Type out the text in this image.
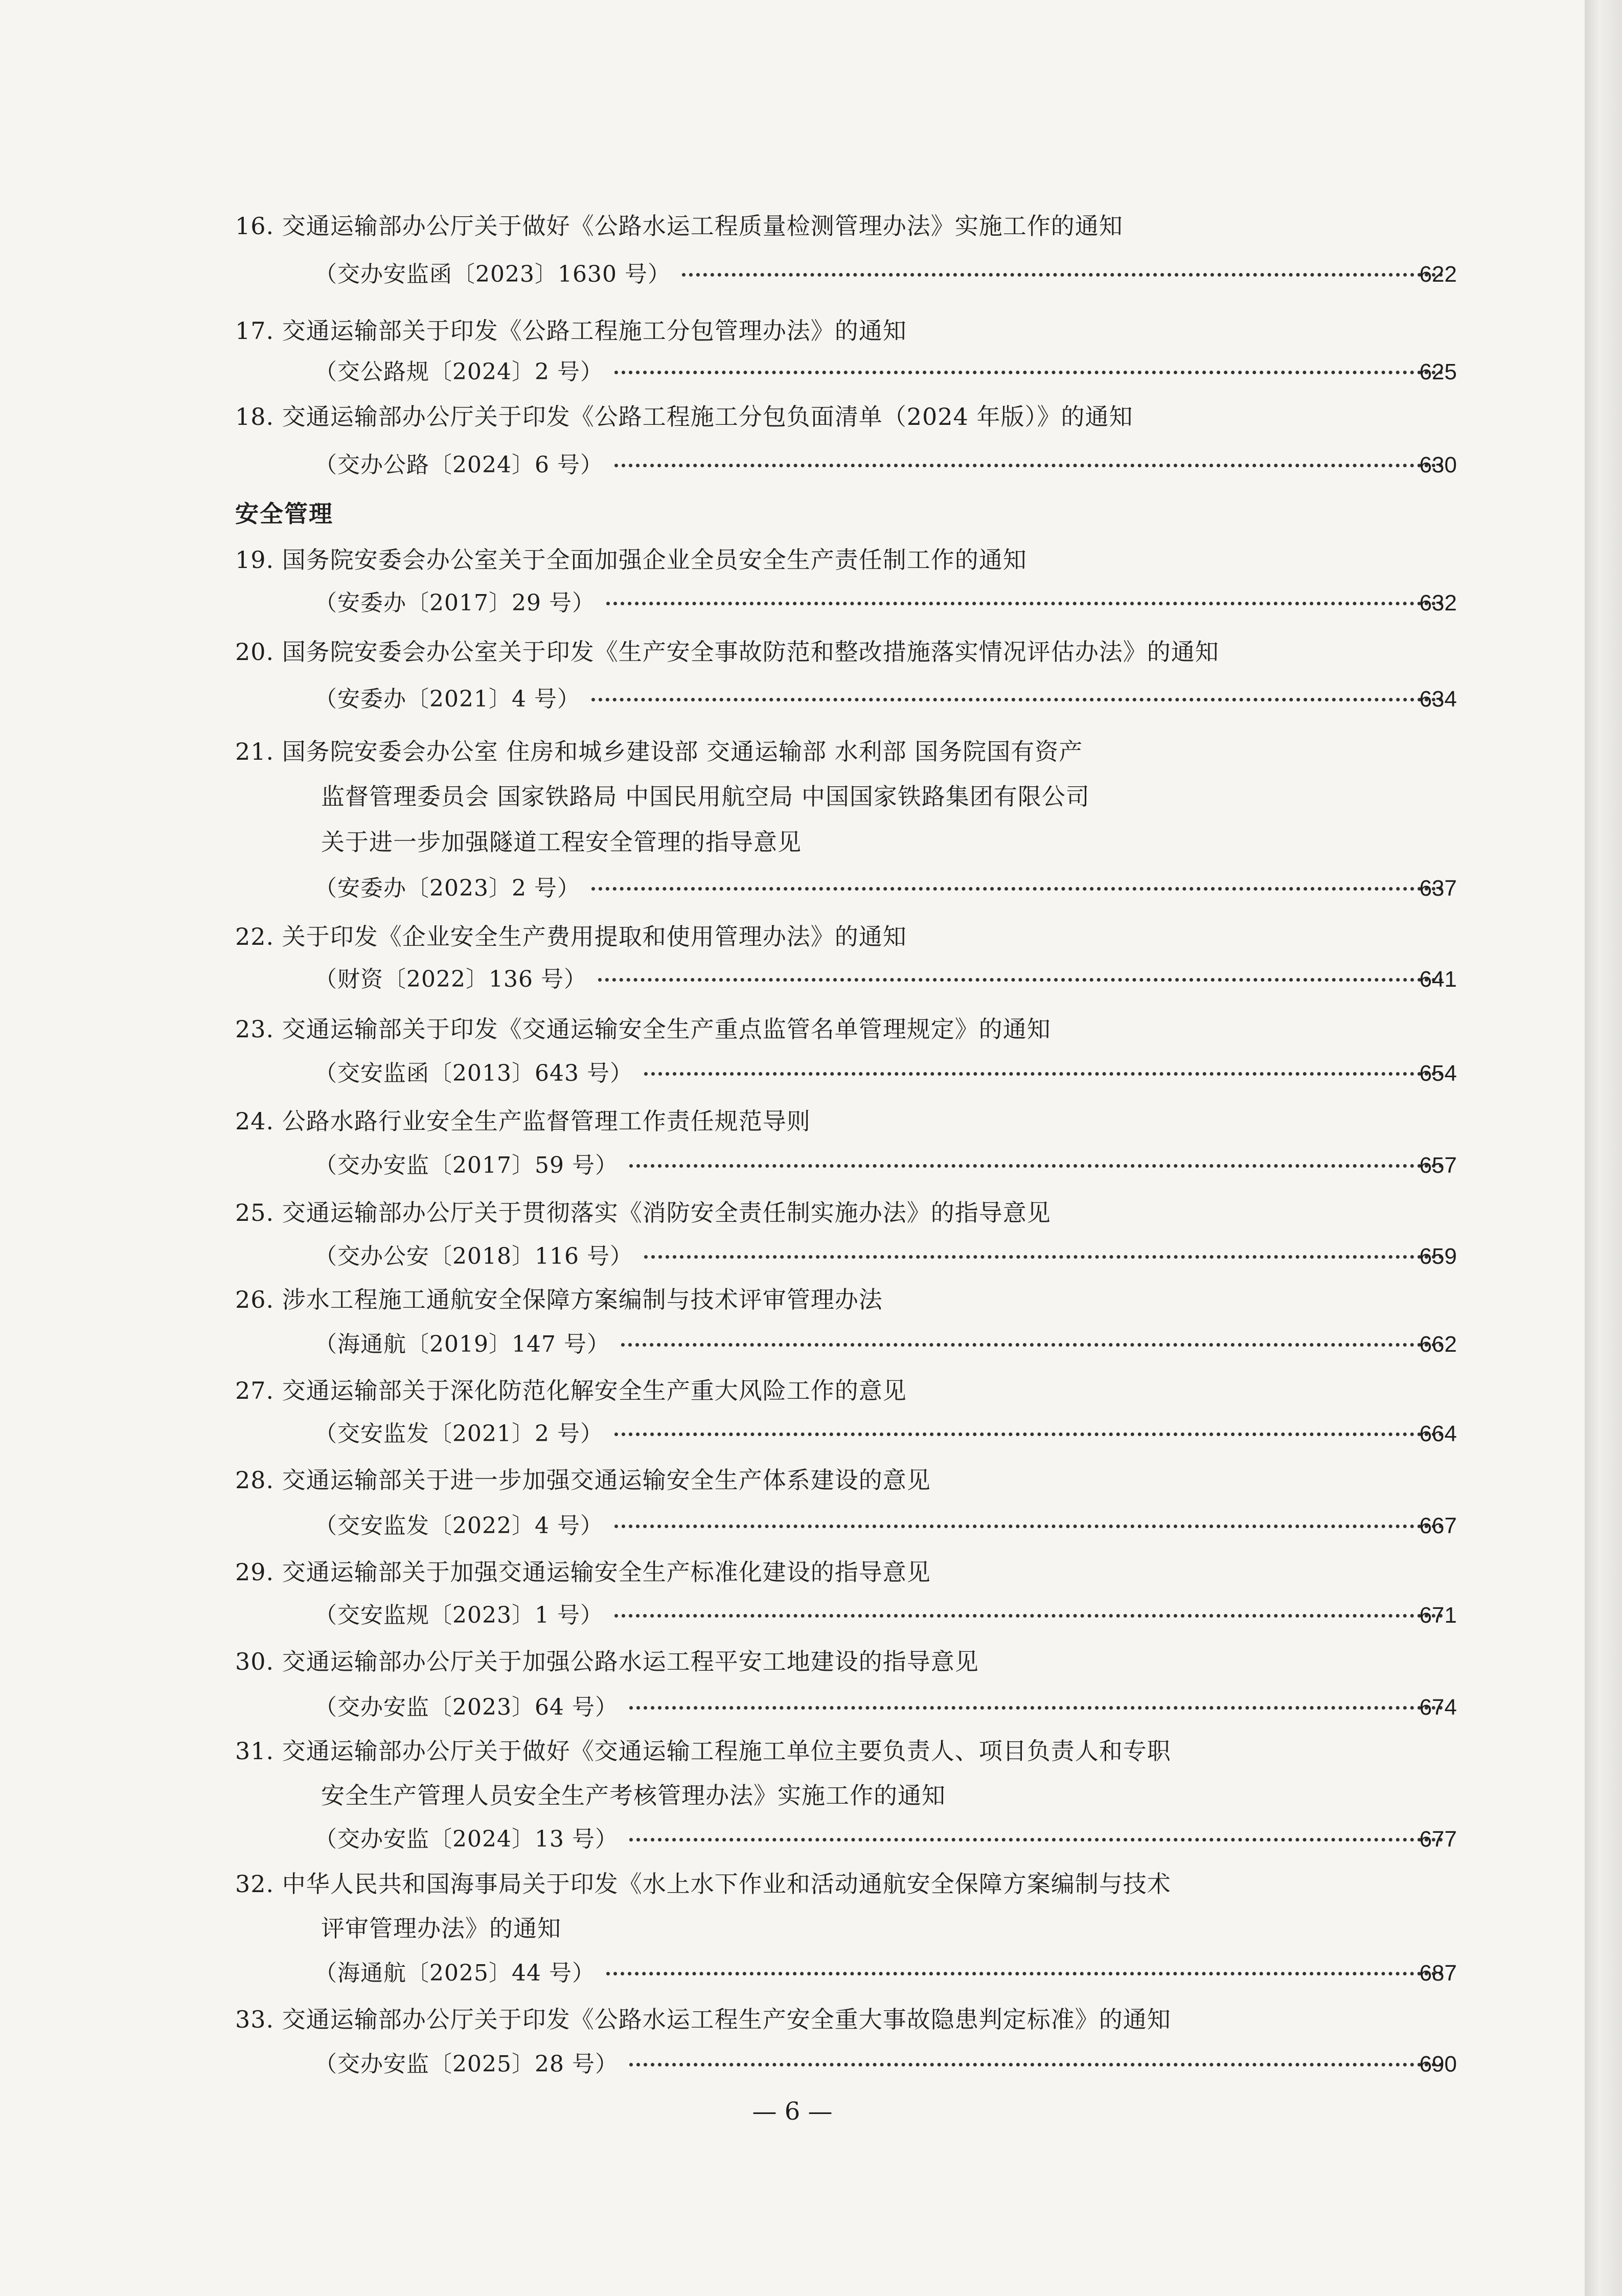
16. 交通运输部办公厅关于做好《公路水运工程质量检测管理办法》实施工作的通知
（交办安监函〔2023〕1630 号）	622
17. 交通运输部关于印发《公路工程施工分包管理办法》的通知
（交公路规〔2024〕2 号）	625
18. 交通运输部办公厅关于印发《公路工程施工分包负面清单（2024 年版）》的通知
（交办公路〔2024〕6 号）	630
安全管理
19. 国务院安委会办公室关于全面加强企业全员安全生产责任制工作的通知
（安委办〔2017〕29 号）	632
20. 国务院安委会办公室关于印发《生产安全事故防范和整改措施落实情况评估办法》的通知
（安委办〔2021〕4 号）	634
21. 国务院安委会办公室 住房和城乡建设部 交通运输部 水利部 国务院国有资产
监督管理委员会 国家铁路局 中国民用航空局 中国国家铁路集团有限公司
关于进一步加强隧道工程安全管理的指导意见
（安委办〔2023〕2 号）	637
22. 关于印发《企业安全生产费用提取和使用管理办法》的通知
（财资〔2022〕136 号）	641
23. 交通运输部关于印发《交通运输安全生产重点监管名单管理规定》的通知
（交安监函〔2013〕643 号）	654
24. 公路水路行业安全生产监督管理工作责任规范导则
（交办安监〔2017〕59 号）	657
25. 交通运输部办公厅关于贯彻落实《消防安全责任制实施办法》的指导意见
（交办公安〔2018〕116 号）	659
26. 涉水工程施工通航安全保障方案编制与技术评审管理办法
（海通航〔2019〕147 号）	662
27. 交通运输部关于深化防范化解安全生产重大风险工作的意见
（交安监发〔2021〕2 号）	664
28. 交通运输部关于进一步加强交通运输安全生产体系建设的意见
（交安监发〔2022〕4 号）	667
29. 交通运输部关于加强交通运输安全生产标准化建设的指导意见
（交安监规〔2023〕1 号）	671
30. 交通运输部办公厅关于加强公路水运工程平安工地建设的指导意见
（交办安监〔2023〕64 号）	674
31. 交通运输部办公厅关于做好《交通运输工程施工单位主要负责人、项目负责人和专职
安全生产管理人员安全生产考核管理办法》实施工作的通知
（交办安监〔2024〕13 号）	677
32. 中华人民共和国海事局关于印发《水上水下作业和活动通航安全保障方案编制与技术
评审管理办法》的通知
（海通航〔2025〕44 号）	687
33. 交通运输部办公厅关于印发《公路水运工程生产安全重大事故隐患判定标准》的通知
（交办安监〔2025〕28 号）	690
— 6 —
